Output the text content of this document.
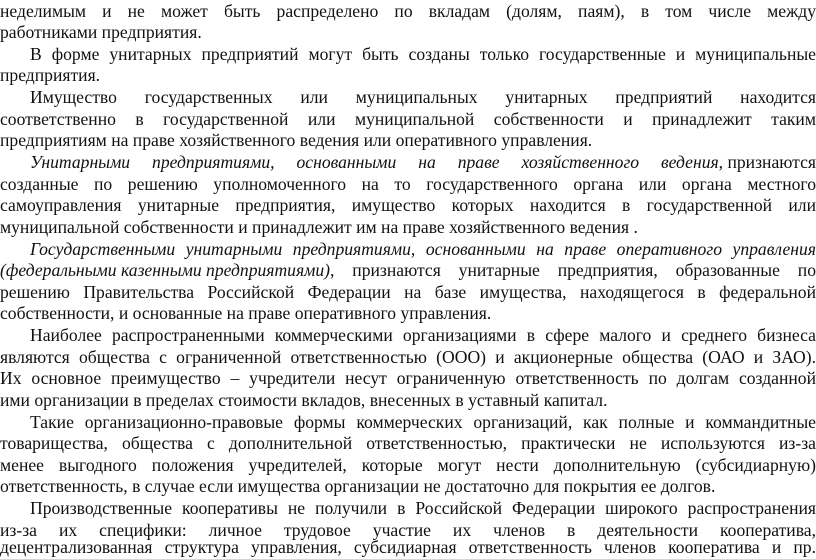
неделимым и не может быть распределено по вкладам (долям, паям), в том числе между
работниками предприятия.
В форме унитарных предприятий могут быть созданы только государственные и муниципальные
предприятия.
Имущество государственных или муниципальных унитарных предприятий находится
соответственно в государственной или муниципальной собственности и принадлежит таким
предприятиям на праве хозяйственного ведения или оперативного управления.
Унитарными предприятиями, основанными на праве хозяйственного ведения , признаются
созданные по решению уполномоченного на то государственного органа или органа местного
самоуправления унитарные предприятия, имущество которых находится в государственной или
муниципальной собственности и принадлежит им на праве хозяйственного ведения .
Государственными унитарными предприятиями, основанными на праве оперативного управления
(федеральными казенными предприятиями) , признаются унитарные предприятия, образованные по
решению Правительства Российской Федерации на базе имущества, находящегося в федеральной
собственности, и основанные на праве оперативного управления.
Наиболее распространенными коммерческими организациями в сфере малого и среднего бизнеса
являются общества с ограниченной ответственностью (ООО) и акционерные общества (ОАО и ЗАО).
Их основное преимущество – учредители несут ограниченную ответственность по долгам созданной
ими организации в пределах стоимости вкладов, внесенных в уставный капитал.
Такие организационно-правовые формы коммерческих организаций, как полные и коммандитные
товарищества, общества с дополнительной ответственностью, практически не используются из-за
менее выгодного положения учредителей, которые могут нести дополнительную (субсидиарную)
ответственность, в случае если имущества организации не достаточно для покрытия ее долгов.
Производственные кооперативы не получили в Российской Федерации широкого распространения
из-за их специфики: личное трудовое участие их членов в деятельности кооператива,
децентрализованная структура управления, субсидиарная ответственность членов кооператива и пр.
